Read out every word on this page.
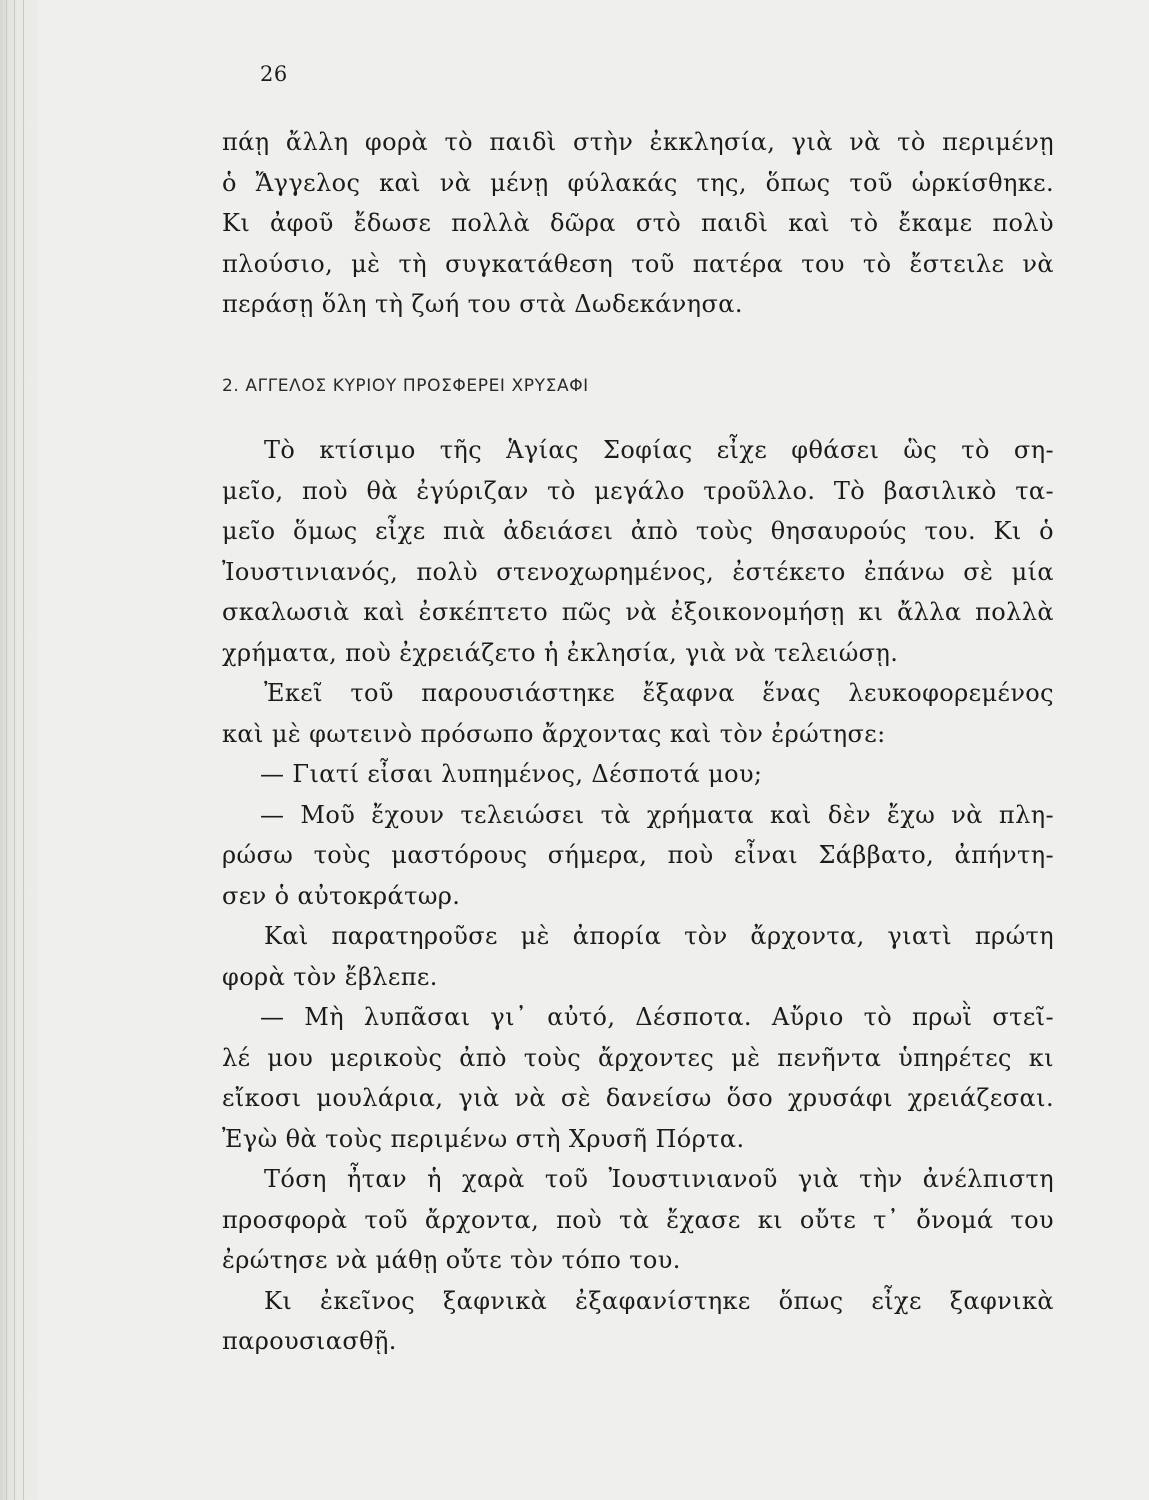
26
πάῃ ἄλλη φορὰ τὸ παιδὶ στὴν ἐκκλησία, γιὰ νὰ τὸ περιμένῃ
ὁ Ἄγγελος καὶ νὰ μένῃ φύλακάς της, ὅπως τοῦ ὡρκίσθηκε.
Κι ἀφοῦ ἔδωσε πολλὰ δῶρα στὸ παιδὶ καὶ τὸ ἔκαμε πολὺ
πλούσιο, μὲ τὴ συγκατάθεση τοῦ πατέρα του τὸ ἔστειλε νὰ
περάσῃ ὅλη τὴ ζωή του στὰ Δωδεκάνησα.
2. ΑΓΓΕΛΟΣ ΚΥΡΙΟΥ ΠΡΟΣΦΕΡΕΙ ΧΡΥΣΑΦΙ
Τὸ κτίσιμο τῆς Ἁγίας Σοφίας εἶχε φθάσει ὣς τὸ ση-
μεῖο, ποὺ θὰ ἐγύριζαν τὸ μεγάλο τροῦλλο. Τὸ βασιλικὸ τα-
μεῖο ὅμως εἶχε πιὰ ἀδειάσει ἀπὸ τοὺς θησαυρούς του. Κι ὁ
Ἰουστινιανός, πολὺ στενοχωρημένος, ἐστέκετο ἐπάνω σὲ μία
σκαλωσιὰ καὶ ἐσκέπτετο πῶς νὰ ἐξοικονομήσῃ κι ἄλλα πολλὰ
χρήματα, ποὺ ἐχρειάζετο ἡ ἐκλησία, γιὰ νὰ τελειώσῃ.
Ἐκεῖ τοῦ παρουσιάστηκε ἔξαφνα ἕνας λευκοφορεμένος
καὶ μὲ φωτεινὸ πρόσωπο ἄρχοντας καὶ τὸν ἐρώτησε:
— Γιατί εἶσαι λυπημένος, Δέσποτά μου;
— Μοῦ ἔχουν τελειώσει τὰ χρήματα καὶ δὲν ἔχω νὰ πλη-
ρώσω τοὺς μαστόρους σήμερα, ποὺ εἶναι Σάββατο, ἀπήντη-
σεν ὁ αὐτοκράτωρ.
Καὶ παρατηροῦσε μὲ ἀπορία τὸν ἄρχοντα, γιατὶ πρώτη
φορὰ τὸν ἔβλεπε.
— Μὴ λυπᾶσαι γι᾿ αὐτό, Δέσποτα. Αὔριο τὸ πρωῒ στεῖ-
λέ μου μερικοὺς ἀπὸ τοὺς ἄρχοντες μὲ πενῆντα ὑπηρέτες κι
εἴκοσι μουλάρια, γιὰ νὰ σὲ δανείσω ὅσο χρυσάφι χρειάζεσαι.
Ἐγὼ θὰ τοὺς περιμένω στὴ Χρυσῆ Πόρτα.
Τόση ἦταν ἡ χαρὰ τοῦ Ἰουστινιανοῦ γιὰ τὴν ἀνέλπιστη
προσφορὰ τοῦ ἄρχοντα, ποὺ τὰ ἔχασε κι οὔτε τ᾿ ὄνομά του
ἐρώτησε νὰ μάθῃ οὔτε τὸν τόπο του.
Κι ἐκεῖνος ξαφνικὰ ἐξαφανίστηκε ὅπως εἶχε ξαφνικὰ
παρουσιασθῇ.
